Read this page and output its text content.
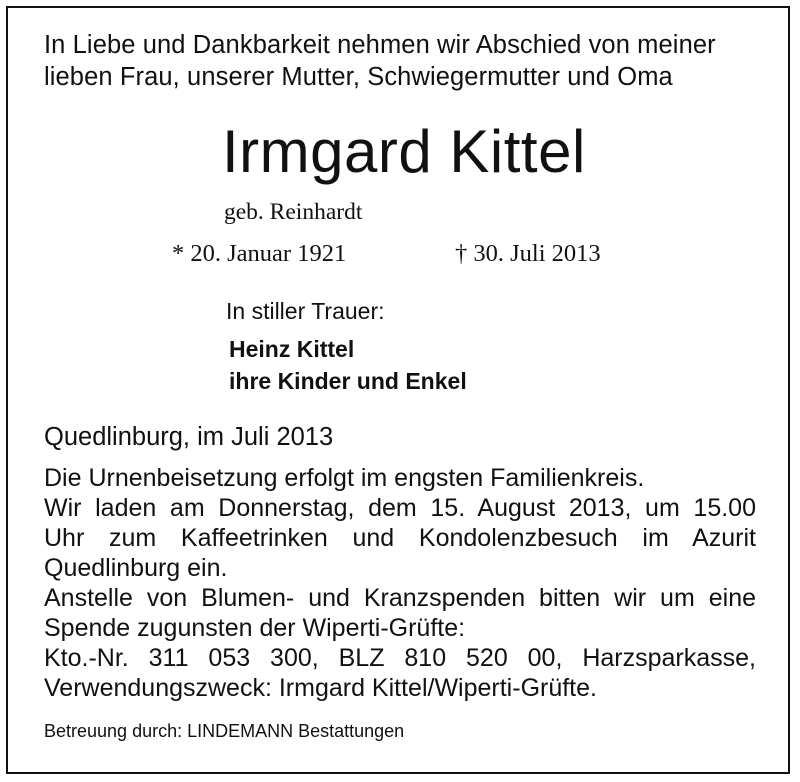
In Liebe und Dankbarkeit nehmen wir Abschied von meiner

lieben Frau, unserer Mutter, Schwiegermutter und Oma

Irmgard Kittel

geb. Reinhardt

* 20. Januar 1921	† 30. Juli 2013

In stiller Trauer:

Heinz Kittel

ihre Kinder und Enkel

Quedlinburg, im Juli 2013

Die Urnenbeisetzung erfolgt im engsten Familienkreis.
Wir laden am Donnerstag, dem 15. August 2013, um 15.00
Uhr zum Kaffeetrinken und Kondolenzbesuch im Azurit
Quedlinburg ein.
Anstelle von Blumen- und Kranzspenden bitten wir um eine
Spende zugunsten der Wiperti-Grüfte:
Kto.-Nr. 311 053 300, BLZ 810 520 00, Harzsparkasse,
Verwendungszweck: Irmgard Kittel/Wiperti-Grüfte.

Betreuung durch: LINDEMANN Bestattungen
